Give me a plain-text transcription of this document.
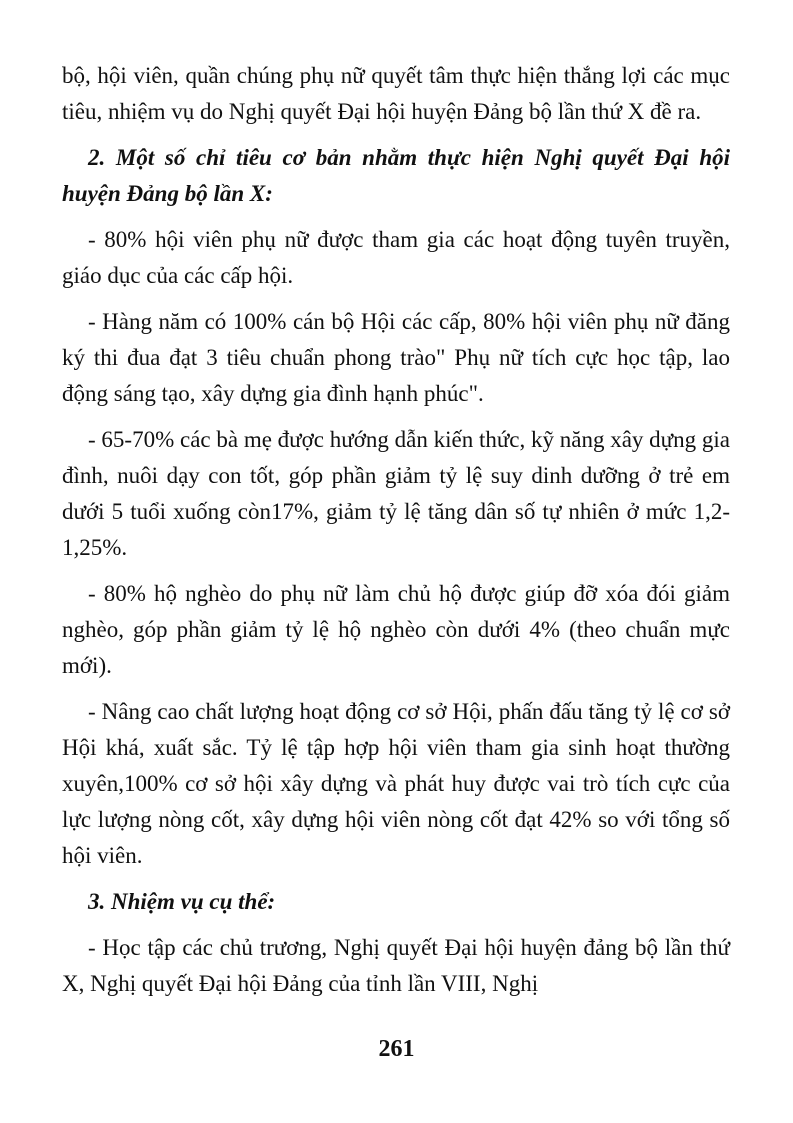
bộ, hội viên, quần chúng phụ nữ quyết tâm thực hiện thắng lợi các mục tiêu, nhiệm vụ do Nghị quyết Đại hội huyện Đảng bộ lần thứ X đề ra.

2. Một số chỉ tiêu cơ bản nhằm thực hiện Nghị quyết Đại hội huyện Đảng bộ lần X:

- 80% hội viên phụ nữ được tham gia các hoạt động tuyên truyền, giáo dục của các cấp hội.

- Hàng năm có 100% cán bộ Hội các cấp, 80% hội viên phụ nữ đăng ký thi đua đạt 3 tiêu chuẩn phong trào" Phụ nữ tích cực học tập, lao động sáng tạo, xây dựng gia đình hạnh phúc".

- 65-70% các bà mẹ được hướng dẫn kiến thức, kỹ năng xây dựng gia đình, nuôi dạy con tốt, góp phần giảm tỷ lệ suy dinh dưỡng ở trẻ em dưới 5 tuổi xuống còn17%, giảm tỷ lệ tăng dân số tự nhiên ở mức 1,2-1,25%.

- 80% hộ nghèo do phụ nữ làm chủ hộ được giúp đỡ xóa đói giảm nghèo, góp phần giảm tỷ lệ hộ nghèo còn dưới 4% (theo chuẩn mực mới).

- Nâng cao chất lượng hoạt động cơ sở Hội, phấn đấu tăng tỷ lệ cơ sở Hội khá, xuất sắc. Tỷ lệ tập hợp hội viên tham gia sinh hoạt thường xuyên,100% cơ sở hội xây dựng và phát huy được vai trò tích cực của lực lượng nòng cốt, xây dựng hội viên nòng cốt đạt 42% so với tổng số hội viên.

3. Nhiệm vụ cụ thể:

- Học tập các chủ trương, Nghị quyết Đại hội huyện đảng bộ lần thứ X, Nghị quyết Đại hội Đảng của tỉnh lần VIII, Nghị

261
